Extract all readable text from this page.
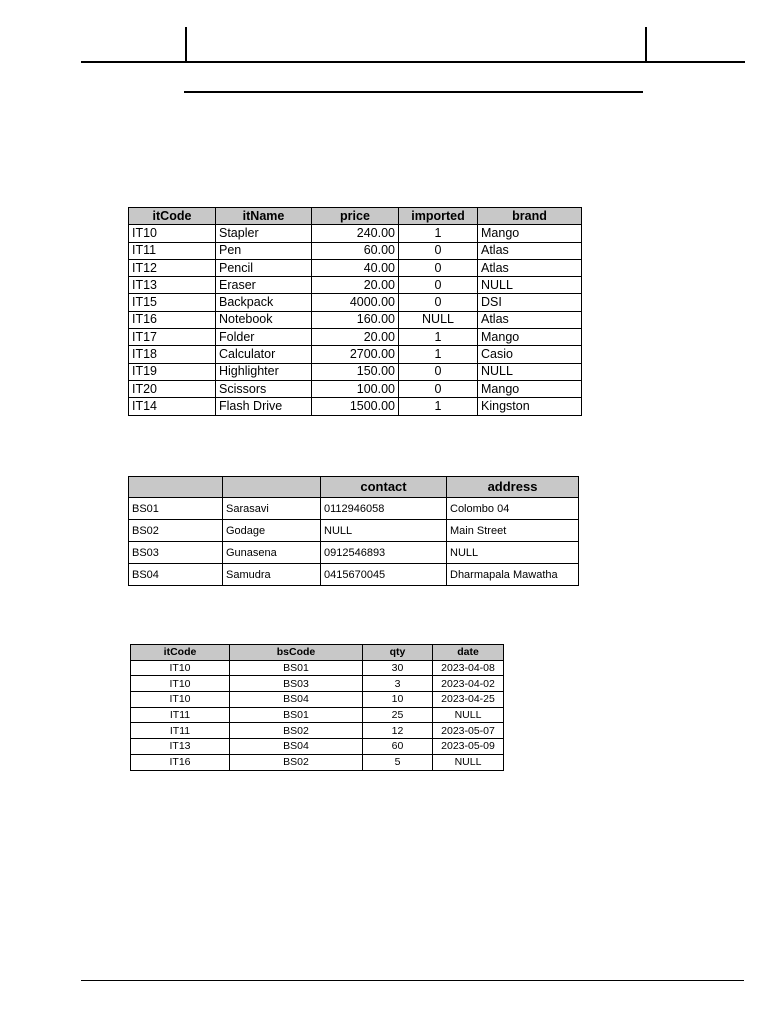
itCode	itName	price	imported	brand
IT10	Stapler	240.00	1	Mango
IT11	Pen	60.00	0	Atlas
IT12	Pencil	40.00	0	Atlas
IT13	Eraser	20.00	0	NULL
IT15	Backpack	4000.00	0	DSI
IT16	Notebook	160.00	NULL	Atlas
IT17	Folder	20.00	1	Mango
IT18	Calculator	2700.00	1	Casio
IT19	Highlighter	150.00	0	NULL
IT20	Scissors	100.00	0	Mango
IT14	Flash Drive	1500.00	1	Kingston
		contact	address
BS01	Sarasavi	0112946058	Colombo 04
BS02	Godage	NULL	Main Street
BS03	Gunasena	0912546893	NULL
BS04	Samudra	0415670045	Dharmapala Mawatha
itCode	bsCode	qty	date
IT10	BS01	30	2023-04-08
IT10	BS03	3	2023-04-02
IT10	BS04	10	2023-04-25
IT11	BS01	25	NULL
IT11	BS02	12	2023-05-07
IT13	BS04	60	2023-05-09
IT16	BS02	5	NULL
